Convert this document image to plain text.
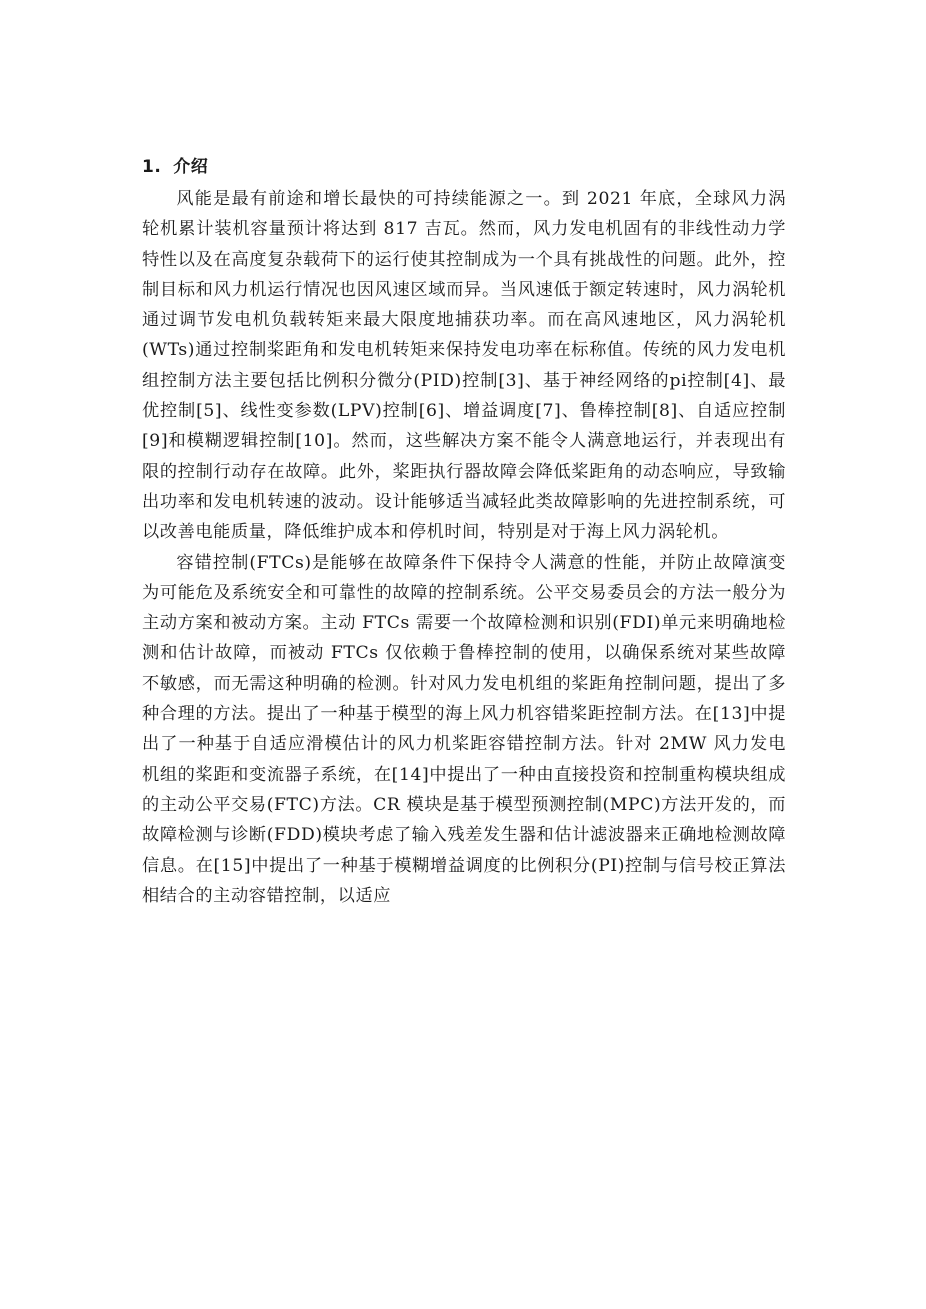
1. 介绍

风能是最有前途和增长最快的可持续能源之一。到 2021 年底，全球风力涡轮机累计装机容量预计将达到 817 吉瓦。然而，风力发电机固有的非线性动力学特性以及在高度复杂载荷下的运行使其控制成为一个具有挑战性的问题。此外，控制目标和风力机运行情况也因风速区域而异。当风速低于额定转速时，风力涡轮机通过调节发电机负载转矩来最大限度地捕获功率。而在高风速地区，风力涡轮机(WTs)通过控制桨距角和发电机转矩来保持发电功率在标称值。传统的风力发电机组控制方法主要包括比例积分微分(PID)控制[3]、基于神经网络的pi控制[4]、最优控制[5]、线性变参数(LPV)控制[6]、增益调度[7]、鲁棒控制[8]、自适应控制[9]和模糊逻辑控制[10]。然而，这些解决方案不能令人满意地运行，并表现出有限的控制行动存在故障。此外，桨距执行器故障会降低桨距角的动态响应，导致输出功率和发电机转速的波动。设计能够适当减轻此类故障影响的先进控制系统，可以改善电能质量，降低维护成本和停机时间，特别是对于海上风力涡轮机。

容错控制(FTCs)是能够在故障条件下保持令人满意的性能，并防止故障演变为可能危及系统安全和可靠性的故障的控制系统。公平交易委员会的方法一般分为主动方案和被动方案。主动 FTCs 需要一个故障检测和识别(FDI)单元来明确地检测和估计故障，而被动 FTCs 仅依赖于鲁棒控制的使用，以确保系统对某些故障不敏感，而无需这种明确的检测。针对风力发电机组的桨距角控制问题，提出了多种合理的方法。提出了一种基于模型的海上风力机容错桨距控制方法。在[13]中提出了一种基于自适应滑模估计的风力机桨距容错控制方法。针对 2MW 风力发电机组的桨距和变流器子系统，在[14]中提出了一种由直接投资和控制重构模块组成的主动公平交易(FTC)方法。CR 模块是基于模型预测控制(MPC)方法开发的，而故障检测与诊断(FDD)模块考虑了输入残差发生器和估计滤波器来正确地检测故障信息。在[15]中提出了一种基于模糊增益调度的比例积分(PI)控制与信号校正算法相结合的主动容错控制，以适应
